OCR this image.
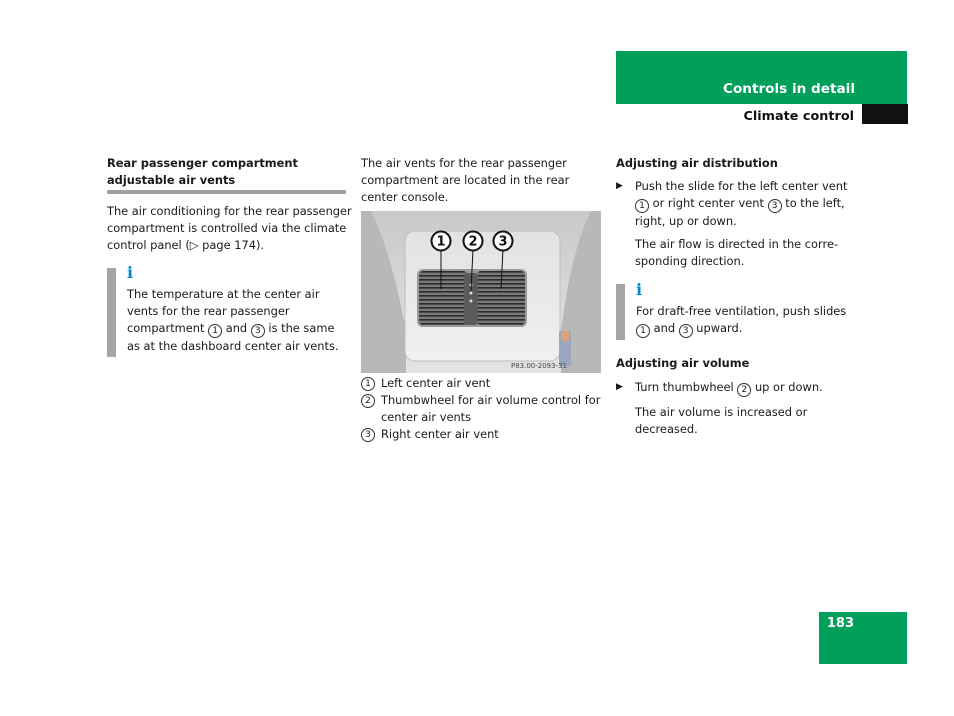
Controls in detail
Climate control

Rear passenger compartment adjustable air vents

The air conditioning for the rear passenger compartment is controlled via the climate control panel (▷ page 174).

i

The temperature at the center air vents for the rear passenger compartment 1 and 3 is the same as at the dashboard center air vents.

The air vents for the rear passenger compartment are located in the rear center console.

1 2 3
P83.00-2093-31
1 Left center air vent
2 Thumbwheel for air volume control for center air vents
3 Right center air vent

Adjusting air distribution

▶ Push the slide for the left center vent 1 or right center vent 3 to the left, right, up or down.

The air flow is directed in the corre-sponding direction.

i

For draft-free ventilation, push slides 1 and 3 upward.

Adjusting air volume

▶ Turn thumbwheel 2 up or down.

The air volume is increased or decreased.

183
